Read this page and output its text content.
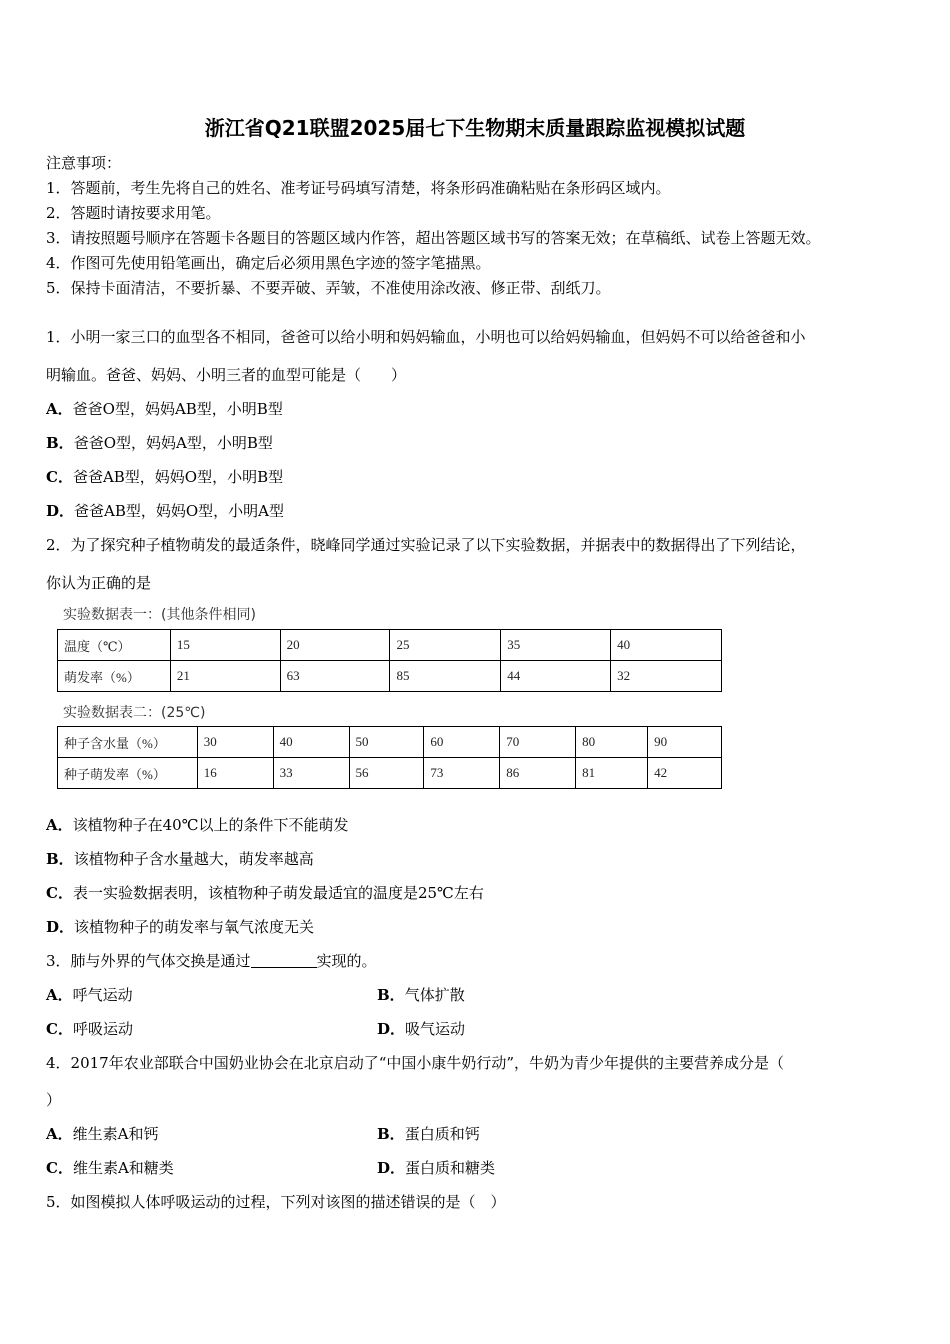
浙江省Q21联盟2025届七下生物期末质量跟踪监视模拟试题
注意事项：
1．答题前，考生先将自己的姓名、准考证号码填写清楚，将条形码准确粘贴在条形码区域内。
2．答题时请按要求用笔。
3．请按照题号顺序在答题卡各题目的答题区域内作答，超出答题区域书写的答案无效；在草稿纸、试卷上答题无效。
4．作图可先使用铅笔画出，确定后必须用黑色字迹的签字笔描黑。
5．保持卡面清洁，不要折暴、不要弄破、弄皱，不准使用涂改液、修正带、刮纸刀。
1．小明一家三口的血型各不相同，爸爸可以给小明和妈妈输血，小明也可以给妈妈输血，但妈妈不可以给爸爸和小
明输血。爸爸、妈妈、小明三者的血型可能是（　　）
A．爸爸O型，妈妈AB型，小明B型
B．爸爸O型，妈妈A型，小明B型
C．爸爸AB型，妈妈O型，小明B型
D．爸爸AB型，妈妈O型，小明A型
2．为了探究种子植物萌发的最适条件，晓峰同学通过实验记录了以下实验数据，并据表中的数据得出了下列结论，
你认为正确的是
实验数据表一：(其他条件相同)
温度（℃）	15	20	25	35	40
萌发率（%）	21	63	85	44	32
实验数据表二：(25℃)
种子含水量（%）	30	40	50	60	70	80	90
种子萌发率（%）	16	33	56	73	86	81	42
A．该植物种子在40℃以上的条件下不能萌发
B．该植物种子含水量越大，萌发率越高
C．表一实验数据表明，该植物种子萌发最适宜的温度是25℃左右
D．该植物种子的萌发率与氧气浓度无关
3．肺与外界的气体交换是通过	实现的。
A．呼气运动	B．气体扩散
C．呼吸运动	D．吸气运动
4．2017年农业部联合中国奶业协会在北京启动了“中国小康牛奶行动”，牛奶为青少年提供的主要营养成分是（
）
A．维生素A和钙	B．蛋白质和钙
C．维生素A和糖类	D．蛋白质和糖类
5．如图模拟人体呼吸运动的过程，下列对该图的描述错误的是（　）
